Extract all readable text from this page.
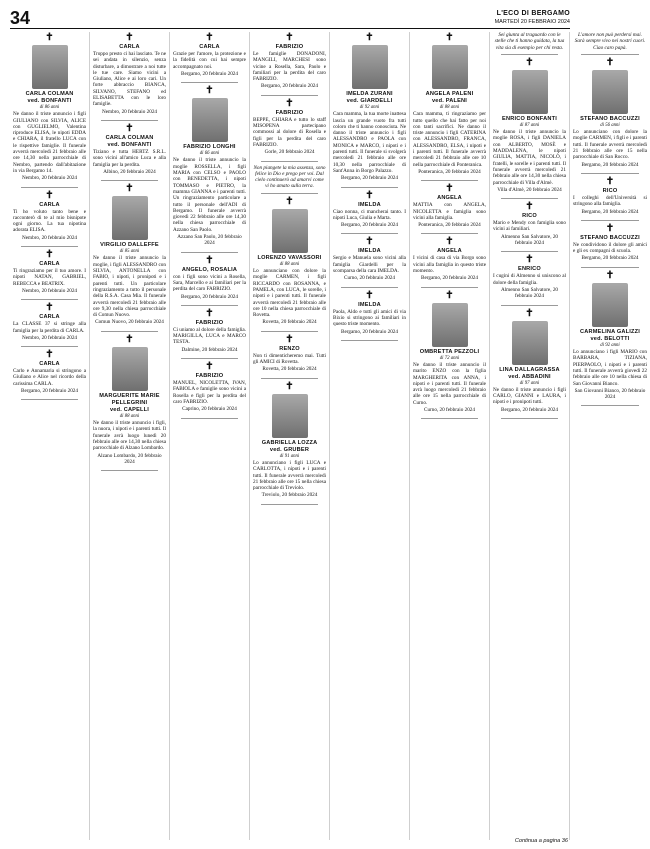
34	L'ECO DI BERGAMO
MARTEDÌ 20 FEBBRAIO 2024
✝
CARLA COLMAN
ved. BONFANTI
di 86 anni
Ne danno il triste annuncio i figli GIULIANO con SILVIA, ALICE con GUGLIELMO, Valentina riproduce ELISA, le nipoti EDDA e CHIARA, il fratello LUCA con le rispettive famiglie. Il funerale avverrà mercoledì 21 febbraio alle ore 14,30 nella parrocchiale di Nembro, partendo dall'abitazione in via Bergamo 14.
Nembro, 20 febbraio 2024
✝
CARLA
Ti ho voluto tanto bene e racconterò di te al mio bisnipote ogni giorno. La tua nipotina adorata ELISA.
Nembro, 20 febbraio 2024
✝
CARLA
Ti ringraziamo per il tuo amore. I nipoti NATAN, GABRIEL, REBECCA e BEATRIX.
Nembro, 20 febbraio 2024
✝
CARLA
La CLASSE 37 si stringe alla famiglia per la perdita di CARLA.
Nembro, 20 febbraio 2024
✝
CARLA
Carlo e Annamaria si stringono a Giuliano e Alice nel ricordo della carissima CARLA.
Bergamo, 20 febbraio 2024
✝
CARLA
Troppo presto ci hai lasciato. Te ne sei andata in silenzio, senza disturbare, a dimostrare a noi tutte le tue care. Siamo vicini a Giuliano, Alice e ai loro cari. Un forte abbraccio BIANCA, SILVANO, STEFANO ed ELISABETTA con le loro famiglie.
Nembro, 20 febbraio 2024
✝
CARLA COLMAN
ved. BONFANTI
Tiziano e tutta HERTZ S.R.L. sono vicini all'amico Luca e alla famiglia per la perdita.
Albino, 20 febbraio 2024
✝
VIRGILIO DALLEFFE
di 85 anni
Ne danno il triste annuncio la moglie, i figli ALESSANDRO con SILVIA, ANTONELLA con FABIO, i nipoti, i pronipoti e i parenti tutti. Un particolare ringraziamento a tutto il personale della R.S.A. Casa Mia. Il funerale avverrà mercoledì 21 febbraio alle ore 9,30 nella chiesa parrocchiale di Comun Nuovo.
Comun Nuovo, 20 febbraio 2024
✝
MARGUERITE MARIE PELLEGRINI
ved. CAPELLI
di 88 anni
Ne danno il triste annuncio i figli, la nuora, i nipoti e i parenti tutti. Il funerale avrà luogo lunedì 20 febbraio alle ore 14,30 nella chiesa parrocchiale di Alzano Lombardo.
Alzano Lombardo, 20 febbraio 2024
✝
CARLA
Grazie per l'amore, la protezione e la fidelità con cui hai sempre accompagnato noi.
Bergamo, 20 febbraio 2024
✝
FABRIZIO LONGHI
di 66 anni
Ne danno il triste annuncio la moglie ROSSELLA, i figli MARIA con CELSO e PAOLO con BENEDETTA, i nipoti TOMMASO e PIETRO, la mamma GIANNA e i parenti tutti. Un ringraziamento particolare a tutto il personale dell'ADI di Bergamo. Il funerale avverrà giovedì 22 febbraio alle ore 14,30 nella chiesa parrocchiale di Azzano San Paolo.
Azzano San Paolo, 20 febbraio 2024
✝
ANGELO, ROSALIA
con i figli sono vicini a Rosella, Sara, Marcello e ai familiari per la perdita del caro FABRIZIO.
Bergamo, 20 febbraio 2024
✝
FABRIZIO
Ci uniamo al dolore della famiglia. MARIGILLA, LUCA e MARCO TESTA.
Dalmine, 20 febbraio 2024
✝
FABRIZIO
MANUEL, NICOLETTA, IVAN, FABIOLA e famiglie sono vicini a Rosella e figli per la perdita del caro FABRIZIO.
Caprino, 20 febbraio 2024
✝
FABRIZIO
Le famiglie DONADONI, MANGILI, MARCHESI sono vicine a Rosella, Sara, Paolo e familiari per la perdita del caro FABRIZIO.
Bergamo, 20 febbraio 2024
✝
FABRIZIO
BEPPE, CHIARA e tutto lo staff MISOPENA partecipano commossi al dolore di Rosella e figli per la perdita del caro FABRIZIO.
Gorle, 20 febbraio 2024
Non piangete la mia assenza, sono felice in Dio e prego per voi. Dal cielo continuerò ad amarvi come vi ho amato sulla terra.
✝
LORENZO VAVASSORI
di 88 anni
Lo annunciano con dolore la moglie CARMEN, i figli RICCARDO con ROSANNA, e PAMELA, con LUCA, le sorelle, i nipoti e i parenti tutti. Il funerale avverrà mercoledì 21 febbraio alle ore 10 nella chiesa parrocchiale di Rovetta.
Rovetta, 20 febbraio 2024
✝
RENZO
Non ti dimenticheremo mai. Tutti gli AMICI di Rovetta.
Rovetta, 20 febbraio 2024
✝
GABRIELLA LOZZA
ved. GRUBER
di 91 anni
Lo annunciano i figli LUCA e CARLOTTA, i nipoti e i parenti tutti. Il funerale avverrà mercoledì 21 febbraio alle ore 15 nella chiesa parrocchiale di Treviolo.
Treviolo, 20 febbraio 2024
✝
IMELDA ZURANI
ved. GIARDELLI
di 92 anni
Cara mamma, la tua morte inattesa lascia un grande vuoto fra tutti coloro che ti hanno conosciuta. Ne danno il triste annuncio i figli ALESSANDRO e PAOLA con MONICA e MARCO, i nipoti e i parenti tutti. Il funerale si svolgerà mercoledì 21 febbraio alle ore 10,30 nella parrocchiale di Sant'Anna in Borgo Palazzo.
Bergamo, 20 febbraio 2024
✝
IMELDA
Ciao nonna, ci mancherai tanto. I nipoti Luca, Giulia e Marta.
Bergamo, 20 febbraio 2024
✝
IMELDA
Sergio e Manuela sono vicini alla famiglia Giardelli per la scomparsa della cara IMELDA.
Curno, 20 febbraio 2024
✝
IMELDA
Paola, Aldo e tutti gli amici di via Bixio si stringono ai familiari in questo triste momento.
Bergamo, 20 febbraio 2024
✝
ANGELA PALENI
ved. PALENI
di 88 anni
Cara mamma, ti ringraziamo per tutto quello che hai fatto per noi con tanti sacrifici. Ne danno il triste annuncio i figli CATERINA con ALESSANDRO, FRANCA, ALESSANDRO, ELSA, i nipoti e i parenti tutti. Il funerale avverrà mercoledì 21 febbraio alle ore 10 nella parrocchiale di Ponteranica.
Ponteranica, 20 febbraio 2024
✝
ANGELA
MATTIA con ANGELA, NICOLETTA e famiglia sono vicini alla famiglia.
Ponteranica, 20 febbraio 2024
✝
ANGELA
I vicini di casa di via Borgo sono vicini alla famiglia in questo triste momento.
Bergamo, 20 febbraio 2024
✝
OMBRETTA PEZZOLI
di 72 anni
Ne danno il triste annuncio il marito ENZO con la figlia MARGHERITA con ANNA, i nipoti e i parenti tutti. Il funerale avrà luogo mercoledì 21 febbraio alle ore 15 nella parrocchiale di Curno.
Curno, 20 febbraio 2024
Sei giunta al traguardo con le stelle che ti hanno guidata, la tua vita sia di esempio per chi resta.
✝
ENRICO BONFANTI
di 87 anni
Ne danno il triste annuncio la moglie ROSA, i figli DANIELA con ALBERTO, MOSÈ e MADDALENA, le nipoti GIULIA, MATTIA, NICOLÒ, i fratelli, le sorelle e i parenti tutti. Il funerale avverrà mercoledì 21 febbraio alle ore 14,30 nella chiesa parrocchiale di Villa d'Almè.
Villa d'Almè, 20 febbraio 2024
✝
RICO
Mario e Mendy con famiglia sono vicini ai familiari.
Almenno San Salvatore, 20 febbraio 2024
✝
ENRICO
I cugini di Almenno si uniscono al dolore della famiglia.
Almenno San Salvatore, 20 febbraio 2024
✝
LINA DALLAGRASSA
ved. ABBADINI
di 97 anni
Ne danno il triste annuncio i figli CARLO, GIANNI e LAURA, i nipoti e i pronipoti tutti.
Bergamo, 20 febbraio 2024
L'amore non può perdersi mai. Sarà sempre vivo nei nostri cuori. Ciao caro papà.
✝
STEFANO BACCUZZI
di 56 anni
Lo annunciano con dolore la moglie CARMEN, i figli e i parenti tutti. Il funerale avverrà mercoledì 21 febbraio alle ore 15 nella parrocchiale di San Rocco.
Bergamo, 20 febbraio 2024
✝
RICO
I colleghi dell'Università si stringono alla famiglia.
Bergamo, 20 febbraio 2024
✝
STEFANO BACCUZZI
Ne condividono il dolore gli amici e gli ex compagni di scuola.
Bergamo, 20 febbraio 2024
✝
CARMELINA GALIZZI
ved. BELOTTI
di 92 anni
Lo annunciano i figli MARIO con BARBARA, TIZIANA, PIERPAOLO, i nipoti e i parenti tutti. Il funerale avverrà giovedì 22 febbraio alle ore 10 nella chiesa di San Giovanni Bianco.
San Giovanni Bianco, 20 febbraio 2024
Continua a pagina 36
